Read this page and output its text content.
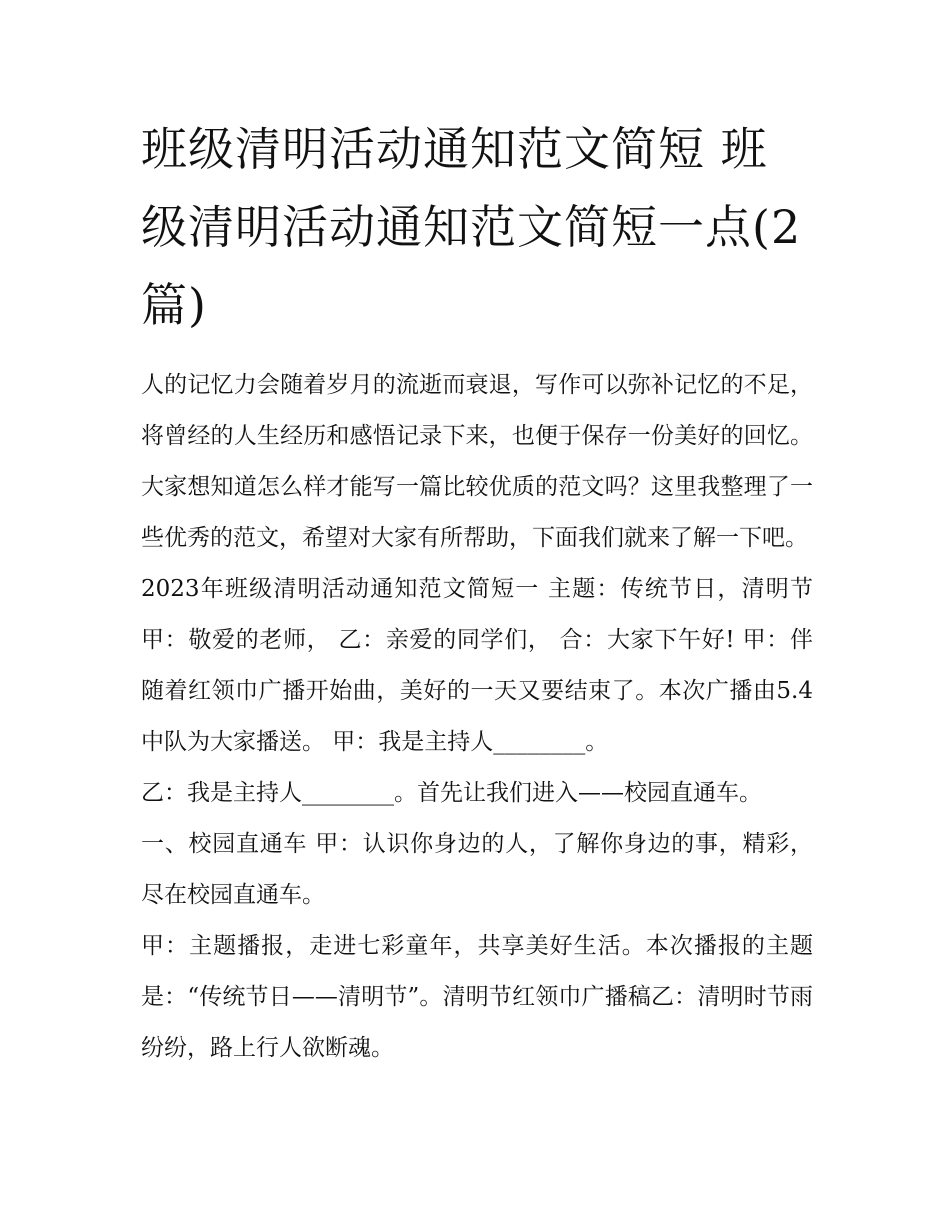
班级清明活动通知范文简短 班级清明活动通知范文简短一点(2篇)

人的记忆力会随着岁月的流逝而衰退，写作可以弥补记忆的不足，将曾经的人生经历和感悟记录下来，也便于保存一份美好的回忆。大家想知道怎么样才能写一篇比较优质的范文吗？这里我整理了一些优秀的范文，希望对大家有所帮助，下面我们就来了解一下吧。

2023年班级清明活动通知范文简短一 主题：传统节日，清明节 甲：敬爱的老师， 乙：亲爱的同学们， 合：大家下午好! 甲：伴随着红领巾广播开始曲，美好的一天又要结束了。本次广播由5.4中队为大家播送。 甲：我是主持人________。

乙：我是主持人________。首先让我们进入——校园直通车。

一、校园直通车 甲：认识你身边的人，了解你身边的事，精彩，尽在校园直通车。

甲：主题播报，走进七彩童年，共享美好生活。本次播报的主题是：“传统节日——清明节”。清明节红领巾广播稿乙：清明时节雨纷纷，路上行人欲断魂。
